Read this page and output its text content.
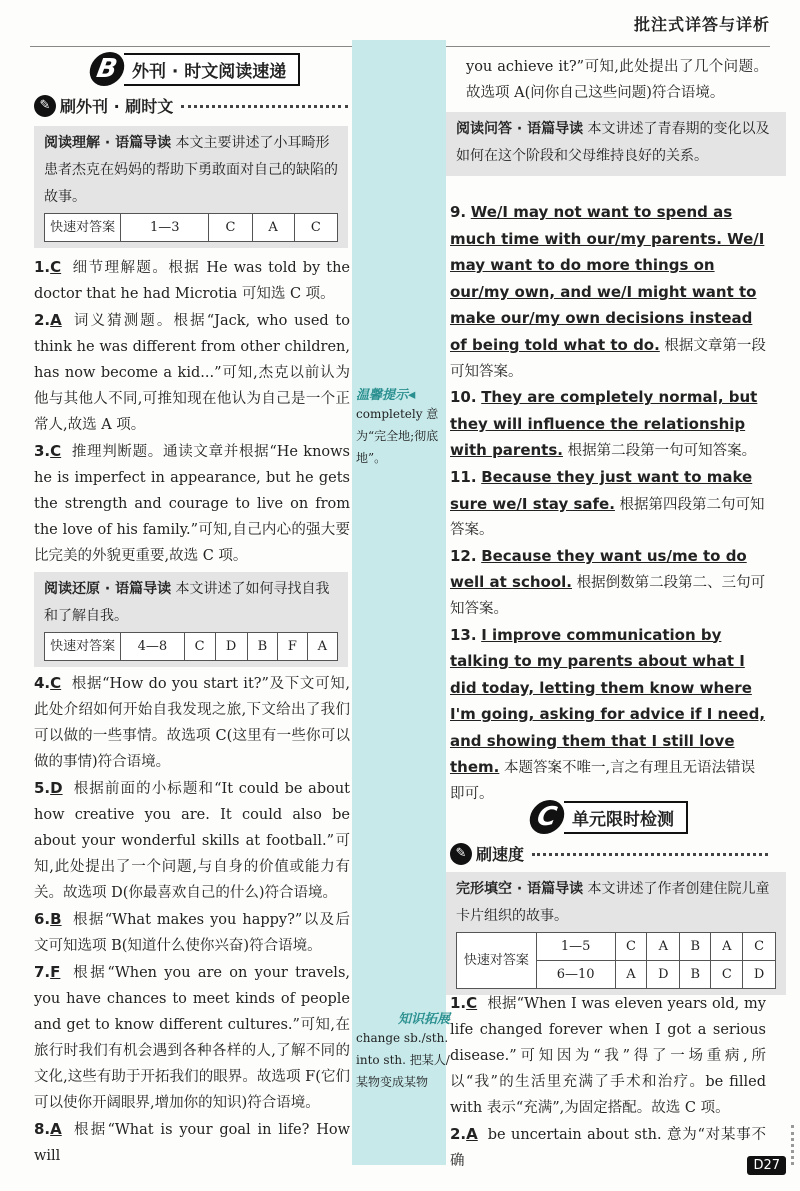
批注式详答与详析
B 外刊 · 时文阅读速递
✎ 刷外刊 · 刷时文
阅读理解 · 语篇导读 本文主要讲述了小耳畸形患者杰克在妈妈的帮助下勇敢面对自己的缺陷的故事。
快速对答案	1—3	C	A	C
1.C 细节理解题。根据 He was told by the doctor that he had Microtia 可知选 C 项。
2.A 词义猜测题。根据“Jack, who used to think he was different from other children, has now become a kid...”可知,杰克以前认为他与其他人不同,可推知现在他认为自己是一个正常人,故选 A 项。
3.C 推理判断题。通读文章并根据“He knows he is imperfect in appearance, but he gets the strength and courage to live on from the love of his family.”可知,自己内心的强大要比完美的外貌更重要,故选 C 项。
阅读还原 · 语篇导读 本文讲述了如何寻找自我和了解自我。
快速对答案	4—8	C	D	B	F	A
4.C 根据“How do you start it?”及下文可知,此处介绍如何开始自我发现之旅,下文给出了我们可以做的一些事情。故选项 C(这里有一些你可以做的事情)符合语境。
5.D 根据前面的小标题和“It could be about how creative you are. It could also be about your wonderful skills at football.”可知,此处提出了一个问题,与自身的价值或能力有关。故选项 D(你最喜欢自己的什么)符合语境。
6.B 根据“What makes you happy?”以及后文可知选项 B(知道什么使你兴奋)符合语境。
7.F 根据“When you are on your travels, you have chances to meet kinds of people and get to know different cultures.”可知,在旅行时我们有机会遇到各种各样的人,了解不同的文化,这些有助于开拓我们的眼界。故选项 F(它们可以使你开阔眼界,增加你的知识)符合语境。
8.A 根据“What is your goal in life? How will
温馨提示◂
completely 意为“完全地;彻底地”。
知识拓展
change sb./sth. into sth. 把某人/某物变成某物
you achieve it?”可知,此处提出了几个问题。故选项 A(问你自己这些问题)符合语境。
阅读问答 · 语篇导读 本文讲述了青春期的变化以及如何在这个阶段和父母维持良好的关系。
9. We/I may not want to spend as much time with our/my parents. We/I may want to do more things on our/my own, and we/I might want to make our/my own decisions instead of being told what to do. 根据文章第一段可知答案。
10. They are completely normal, but they will influence the relationship with parents. 根据第二段第一句可知答案。
11. Because they just want to make sure we/I stay safe. 根据第四段第二句可知答案。
12. Because they want us/me to do well at school. 根据倒数第二段第二、三句可知答案。
13. I improve communication by talking to my parents about what I did today, letting them know where I'm going, asking for advice if I need, and showing them that I still love them. 本题答案不唯一,言之有理且无语法错误即可。
C 单元限时检测
✎ 刷速度
完形填空 · 语篇导读 本文讲述了作者创建住院儿童卡片组织的故事。
快速对答案	1—5	C	A	B	A	C
	6—10	A	D	B	C	D
1.C 根据“When I was eleven years old, my life changed forever when I got a serious disease.”可知因为“我”得了一场重病,所以“我”的生活里充满了手术和治疗。be filled with 表示“充满”,为固定搭配。故选 C 项。
2.A be uncertain about sth. 意为“对某事不确	D27
